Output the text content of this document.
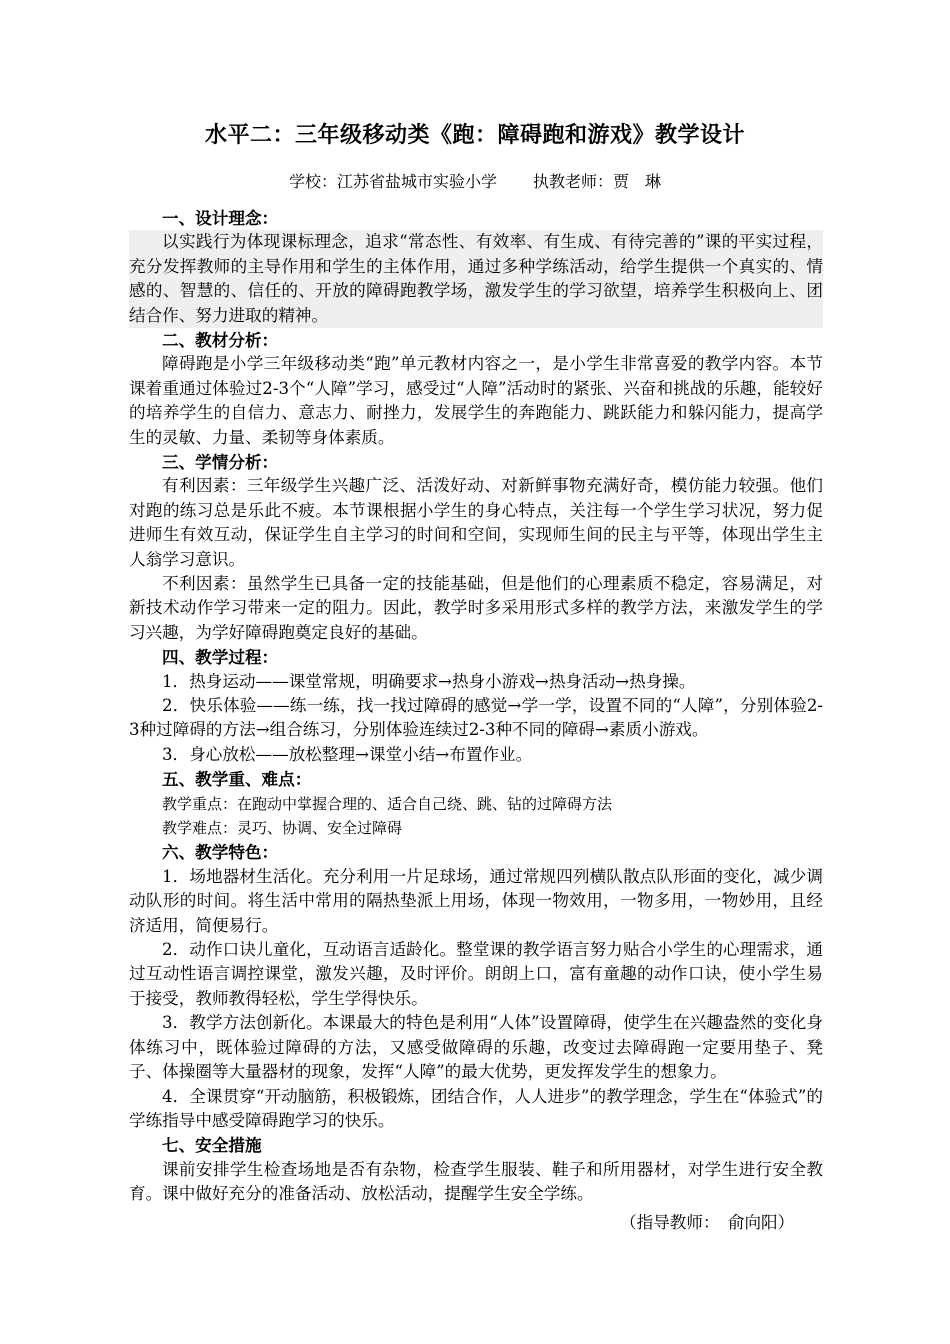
水平二：三年级移动类《跑：障碍跑和游戏》教学设计
学校：江苏省盐城市实验小学 执教老师：贾　琳
一、设计理念：
以实践行为体现课标理念，追求“常态性、有效率、有生成、有待完善的”课的平实过程，充分发挥教师的主导作用和学生的主体作用，通过多种学练活动，给学生提供一个真实的、情感的、智慧的、信任的、开放的障碍跑教学场，激发学生的学习欲望，培养学生积极向上、团结合作、努力进取的精神。
二、教材分析：
障碍跑是小学三年级移动类“跑”单元教材内容之一，是小学生非常喜爱的教学内容。本节课着重通过体验过2-3个“人障”学习，感受过“人障”活动时的紧张、兴奋和挑战的乐趣，能较好的培养学生的自信力、意志力、耐挫力，发展学生的奔跑能力、跳跃能力和躲闪能力，提高学生的灵敏、力量、柔韧等身体素质。
三、学情分析：
有利因素：三年级学生兴趣广泛、活泼好动、对新鲜事物充满好奇，模仿能力较强。他们对跑的练习总是乐此不疲。本节课根据小学生的身心特点，关注每一个学生学习状况，努力促进师生有效互动，保证学生自主学习的时间和空间，实现师生间的民主与平等，体现出学生主人翁学习意识。
不利因素：虽然学生已具备一定的技能基础，但是他们的心理素质不稳定，容易满足，对新技术动作学习带来一定的阻力。因此，教学时多采用形式多样的教学方法，来激发学生的学习兴趣，为学好障碍跑奠定良好的基础。
四、教学过程：
1．热身运动——课堂常规，明确要求→热身小游戏→热身活动→热身操。
2．快乐体验——练一练，找一找过障碍的感觉→学一学，设置不同的“人障”，分别体验2-3种过障碍的方法→组合练习，分别体验连续过2-3种不同的障碍→素质小游戏。
3．身心放松——放松整理→课堂小结→布置作业。
五、教学重、难点：
教学重点：在跑动中掌握合理的、适合自己绕、跳、钻的过障碍方法
教学难点：灵巧、协调、安全过障碍
六、教学特色：
1．场地器材生活化。充分利用一片足球场，通过常规四列横队散点队形面的变化，减少调动队形的时间。将生活中常用的隔热垫派上用场，体现一物效用，一物多用，一物妙用，且经济适用，简便易行。
2．动作口诀儿童化，互动语言适龄化。整堂课的教学语言努力贴合小学生的心理需求，通过互动性语言调控课堂，激发兴趣，及时评价。朗朗上口，富有童趣的动作口诀，使小学生易于接受，教师教得轻松，学生学得快乐。
3．教学方法创新化。本课最大的特色是利用“人体”设置障碍，使学生在兴趣盎然的变化身体练习中，既体验过障碍的方法，又感受做障碍的乐趣，改变过去障碍跑一定要用垫子、凳子、体操圈等大量器材的现象，发挥“人障”的最大优势，更发挥发学生的想象力。
4．全课贯穿“开动脑筋，积极锻炼，团结合作，人人进步”的教学理念，学生在“体验式”的学练指导中感受障碍跑学习的快乐。
七、安全措施
课前安排学生检查场地是否有杂物，检查学生服装、鞋子和所用器材，对学生进行安全教育。课中做好充分的准备活动、放松活动，提醒学生安全学练。
（指导教师：　俞向阳）
